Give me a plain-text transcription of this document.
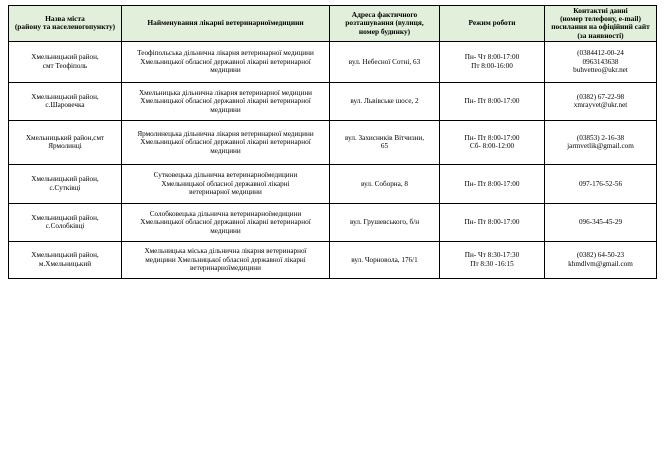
Назва міста
(району та населеногопункту)	Найменування лікарні ветеринарноїмедицини	Адреса фактичного
розташування (вулиця,
номер будинку)	Режим роботи	Контактні данні
(номер телефону, e-mail)
посилання на офіційний сайт
(за наявності)

Хмельницький район,
смт Теофіполь	Теофіпольська дільнична лікарня ветеринарної медицини
Хмельницької обласної державної лікарні ветеринарної
медицини	вул. Небесної Сотні, 63	Пн- Чт 8:00-17:00
Пт 8:00-16:00	(0384412-00-24
0963143638
buhvetteo@ukr.net

Хмельницький район,
с.Шаровечка	Хмельницька дільнична лікарня ветеринарної медицини
Хмельницької обласної державної лікарні ветеринарної
медицини	вул. Львівське шосе, 2	Пн- Пт 8:00-17:00	(0382) 67-22-98
xmrayvet@ukr.net

Хмельницький район,смт
Ярмолинці	Ярмолинецька дільнична лікарня ветеринарної медицини
Хмельницької обласної державної лікарні ветеринарної
медицини	вул. Захисників Вітчизни,
65	Пн- Пт 8:00-17:00
Сб- 8:00-12:00	(03853) 2-16-38
jarmvetlik@gmail.com

Хмельницький район,
с.Сутківці	Сутковецька дільнична ветеринарноїмедицини
Хмельницької обласної державної лікарні
ветеринарної медицини	вул. Соборна, 8	Пн- Пт 8:00-17:00	097-176-52-56

Хмельницький район,
с.Солобківці	Солобковецька дільнична ветеринарноїмедицини
Хмельницької обласної державної лікарні ветеринарної
медицини	вул. Грушевського, б/н	Пн- Пт 8:00-17:00	096-345-45-29

Хмельницький район,
м.Хмельницький	Хмельницька міська дільнична лікарня ветеринарної
медицини Хмельницької обласної державної лікарні
ветеринарноїмедицини	вул. Чорновола, 176/1	Пн- Чт 8:30-17:30
Пт 8:30 -16:15	(0382) 64-50-23
khmdlvm@gmail.com
